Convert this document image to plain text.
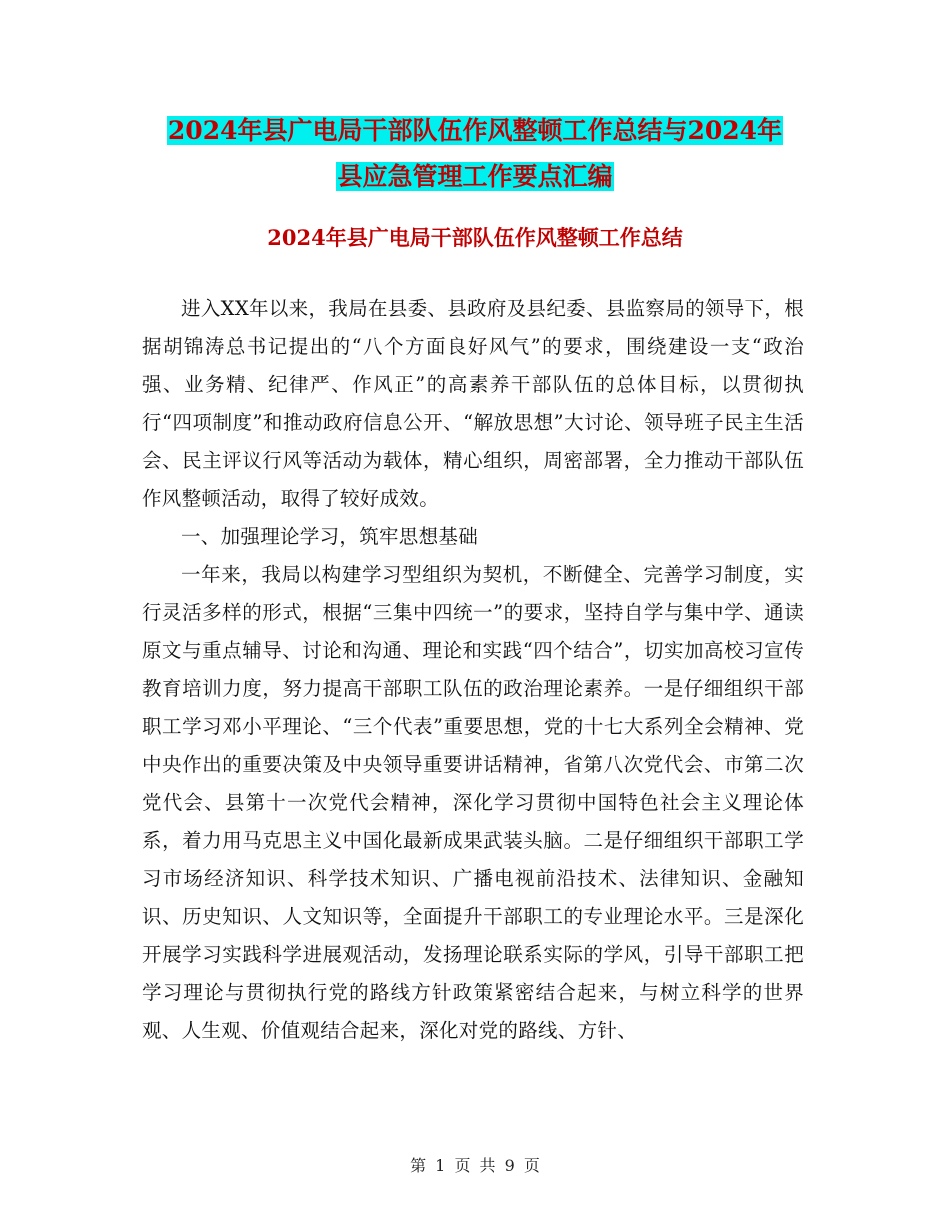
2024年县广电局干部队伍作风整顿工作总结与2024年
县应急管理工作要点汇编
2024年县广电局干部队伍作风整顿工作总结

进入XX年以来，我局在县委、县政府及县纪委、县监察局的领导下，根据胡锦涛总书记提出的“八个方面良好风气”的要求，围绕建设一支“政治强、业务精、纪律严、作风正”的高素养干部队伍的总体目标，以贯彻执行“四项制度”和推动政府信息公开、“解放思想”大讨论、领导班子民主生活会、民主评议行风等活动为载体，精心组织，周密部署，全力推动干部队伍作风整顿活动，取得了较好成效。

一、加强理论学习，筑牢思想基础

一年来，我局以构建学习型组织为契机，不断健全、完善学习制度，实行灵活多样的形式，根据“三集中四统一”的要求，坚持自学与集中学、通读原文与重点辅导、讨论和沟通、理论和实践“四个结合”，切实加高校习宣传教育培训力度，努力提高干部职工队伍的政治理论素养。一是仔细组织干部职工学习邓小平理论、“三个代表”重要思想，党的十七大系列全会精神、党中央作出的重要决策及中央领导重要讲话精神，省第八次党代会、市第二次党代会、县第十一次党代会精神，深化学习贯彻中国特色社会主义理论体系，着力用马克思主义中国化最新成果武装头脑。二是仔细组织干部职工学习市场经济知识、科学技术知识、广播电视前沿技术、法律知识、金融知识、历史知识、人文知识等，全面提升干部职工的专业理论水平。三是深化开展学习实践科学进展观活动，发扬理论联系实际的学风，引导干部职工把学习理论与贯彻执行党的路线方针政策紧密结合起来，与树立科学的世界观、人生观、价值观结合起来，深化对党的路线、方针、

第 1 页 共 9 页
